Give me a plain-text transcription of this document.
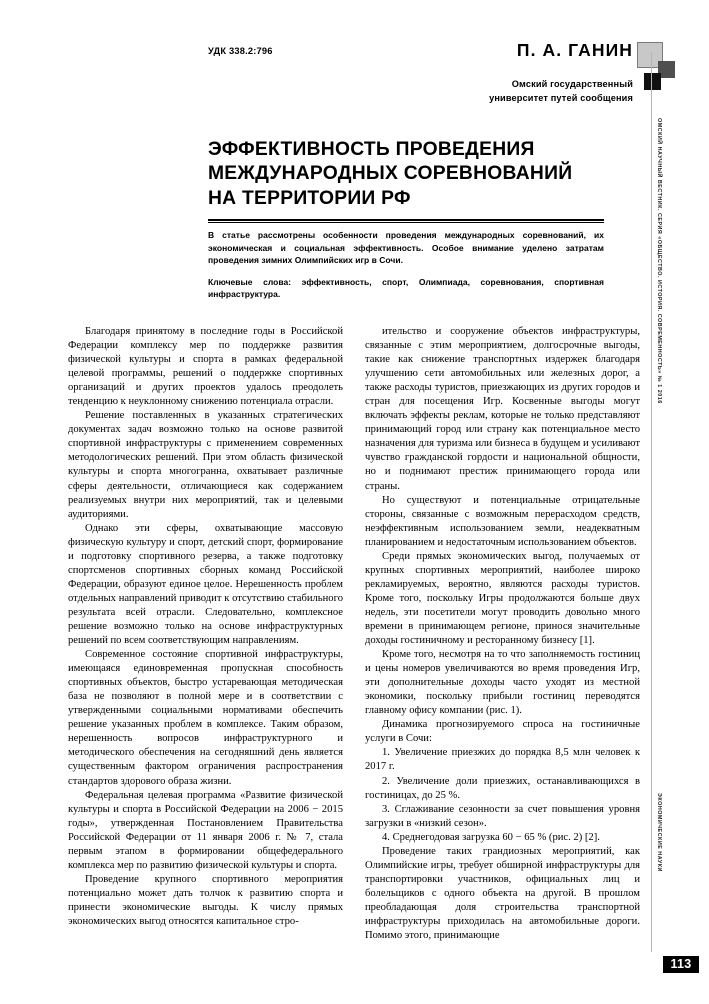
ОМСКИЙ НАУЧНЫЙ ВЕСТНИК. СЕРИЯ «ОБЩЕСТВО. ИСТОРИЯ. СОВРЕМЕННОСТЬ» № 1 2016
ЭКОНОМИЧЕСКИЕ НАУКИ
113
УДК 338.2:796	П. А. ГАНИН
Омский государственный
университет путей сообщения
ЭФФЕКТИВНОСТЬ ПРОВЕДЕНИЯ МЕЖДУНАРОДНЫХ СОРЕВНОВАНИЙ НА ТЕРРИТОРИИ РФ
В статье рассмотрены особенности проведения международных соревнований, их экономическая и социальная эффективность. Особое внимание уделено затратам проведения зимних Олимпийских игр в Сочи.
Ключевые слова: эффективность, спорт, Олимпиада, соревнования, спортивная инфраструктура.

Благодаря принятому в последние годы в Российской Федерации комплексу мер по поддержке развития физической культуры и спорта в рамках федеральной целевой программы, решений о поддержке спортивных организаций и других проектов удалось преодолеть тенденцию к неуклонному снижению потенциала отрасли.

Решение поставленных в указанных стратегических документах задач возможно только на основе развитой спортивной инфраструктуры с применением современных методологических решений. При этом область физической культуры и спорта многогранна, охватывает различные сферы деятельности, отличающиеся как содержанием реализуемых внутри них мероприятий, так и целевыми аудиториями.

Однако эти сферы, охватывающие массовую физическую культуру и спорт, детский спорт, формирование и подготовку спортивного резерва, а также подготовку спортсменов спортивных сборных команд Российской Федерации, образуют единое целое. Нерешенность проблем отдельных направлений приводит к отсутствию стабильного результата всей отрасли. Следовательно, комплексное решение возможно только на основе инфраструктурных решений по всем соответствующим направлениям.

Современное состояние спортивной инфраструктуры, имеющаяся единовременная пропускная способность спортивных объектов, быстро устаревающая методическая база не позволяют в полной мере и в соответствии с утвержденными социальными нормативами обеспечить решение указанных проблем в комплексе. Таким образом, нерешенность вопросов инфраструктурного и методического обеспечения на сегодняшний день является существенным фактором ограничения распространения стандартов здорового образа жизни.

Федеральная целевая программа «Развитие физической культуры и спорта в Российской Федерации на 2006 − 2015 годы», утвержденная Постановлением Правительства Российской Федерации от 11 января 2006 г. № 7, стала первым этапом в формировании общефедерального комплекса мер по развитию физической культуры и спорта.

Проведение крупного спортивного мероприятия потенциально может дать толчок к развитию спорта и принести экономические выгоды. К числу прямых экономических выгод относятся капитальное стро-

ительство и сооружение объектов инфраструктуры, связанные с этим мероприятием, долгосрочные выгоды, такие как снижение транспортных издержек благодаря улучшению сети автомобильных или железных дорог, а также расходы туристов, приезжающих из других городов и стран для посещения Игр. Косвенные выгоды могут включать эффекты реклам, которые не только представляют принимающий город или страну как потенциальное место назначения для туризма или бизнеса в будущем и усиливают чувство гражданской гордости и национальной общности, но и поднимают престиж принимающего города или страны.

Но существуют и потенциальные отрицательные стороны, связанные с возможным перерасходом средств, неэффективным использованием земли, неадекватным планированием и недостаточным использованием объектов.

Среди прямых экономических выгод, получаемых от крупных спортивных мероприятий, наиболее широко рекламируемых, вероятно, являются расходы туристов. Кроме того, поскольку Игры продолжаются больше двух недель, эти посетители могут проводить довольно много времени в принимающем регионе, принося значительные доходы гостиничному и ресторанному бизнесу [1].

Кроме того, несмотря на то что заполняемость гостиниц и цены номеров увеличиваются во время проведения Игр, эти дополнительные доходы часто уходят из местной экономики, поскольку прибыли гостиниц переводятся главному офису компании (рис. 1).

Динамика прогнозируемого спроса на гостиничные услуги в Сочи:

1. Увеличение приезжих до порядка 8,5 млн человек к 2017 г.

2. Увеличение доли приезжих, останавливающихся в гостиницах, до 25 %.

3. Сглаживание сезонности за счет повышения уровня загрузки в «низкий сезон».

4. Среднегодовая загрузка 60 − 65 % (рис. 2) [2].

Проведение таких грандиозных мероприятий, как Олимпийские игры, требует обширной инфраструктуры для транспортировки участников, официальных лиц и болельщиков с одного объекта на другой. В прошлом преобладающая доля строительства транспортной инфраструктуры приходилась на автомобильные дороги. Помимо этого, принимающие
